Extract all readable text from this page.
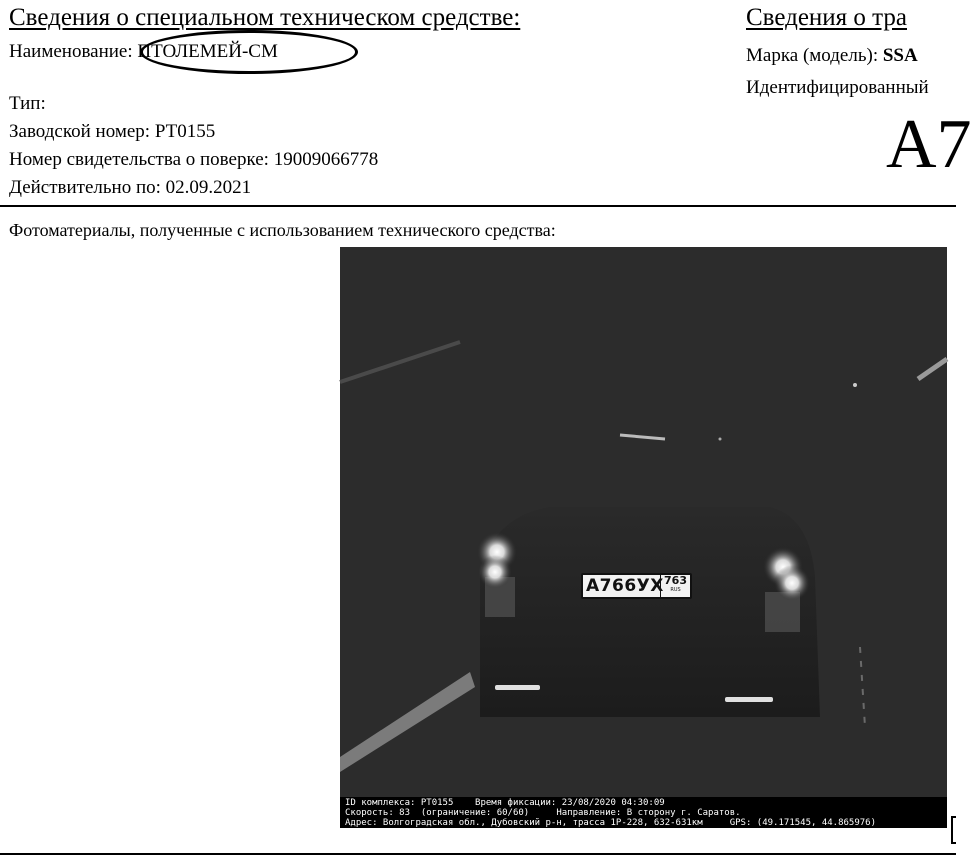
Сведения о специальном техническом средстве:
Наименование: ПТОЛЕМЕЙ-СМ
Тип:
Заводской номер: РТ0155
Номер свидетельства о поверке: 19009066778
Действительно по: 02.09.2021
Сведения о тра
Марка (модель): SSA
Идентифицированный
А7
Фотоматериалы, полученные с использованием технического средства:
А766УХ 763
RUS
ID комплекса: PT0155    Время фиксации: 23/08/2020 04:30:09
Скорость: 83  (ограничение: 60/60)     Направление: В сторону г. Саратов.
Адрес: Волгоградская обл., Дубовский р-н, трасса 1Р-228, 632-631км     GPS: (49.171545, 44.865976)
